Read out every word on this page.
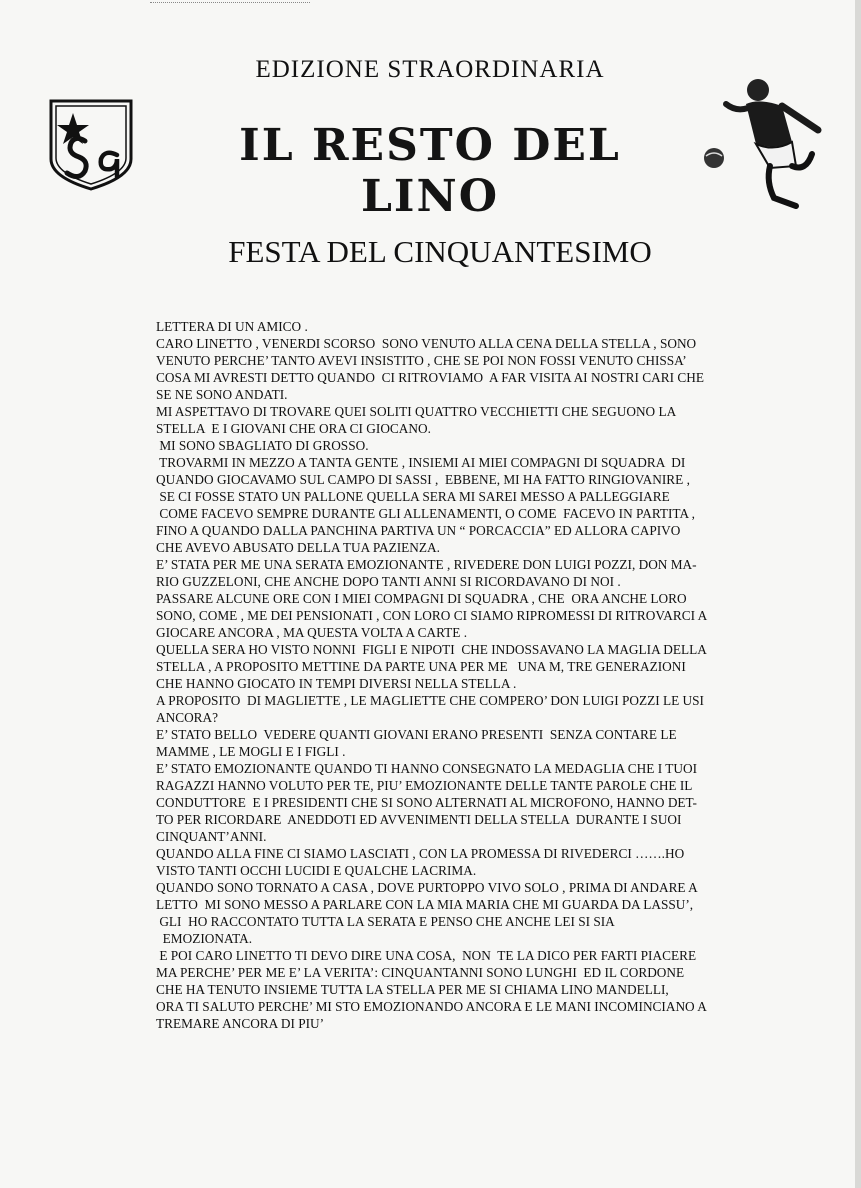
EDIZIONE STRAORDINARIA
IL RESTO DEL LINO
FESTA DEL CINQUANTESIMO
LETTERA DI UN AMICO .
CARO LINETTO , VENERDI SCORSO  SONO VENUTO ALLA CENA DELLA STELLA , SONO
VENUTO PERCHE’ TANTO AVEVI INSISTITO , CHE SE POI NON FOSSI VENUTO CHISSA’
COSA MI AVRESTI DETTO QUANDO  CI RITROVIAMO  A FAR VISITA AI NOSTRI CARI CHE
SE NE SONO ANDATI.
MI ASPETTAVO DI TROVARE QUEI SOLITI QUATTRO VECCHIETTI CHE SEGUONO LA
STELLA  E I GIOVANI CHE ORA CI GIOCANO.
MI SONO SBAGLIATO DI GROSSO.
TROVARMI IN MEZZO A TANTA GENTE , INSIEMI AI MIEI COMPAGNI DI SQUADRA  DI
QUANDO GIOCAVAMO SUL CAMPO DI SASSI ,  EBBENE, MI HA FATTO RINGIOVANIRE ,
SE CI FOSSE STATO UN PALLONE QUELLA SERA MI SAREI MESSO A PALLEGGIARE
COME FACEVO SEMPRE DURANTE GLI ALLENAMENTI, O COME  FACEVO IN PARTITA ,
FINO A QUANDO DALLA PANCHINA PARTIVA UN “ PORCACCIA” ED ALLORA CAPIVO
CHE AVEVO ABUSATO DELLA TUA PAZIENZA.
E’ STATA PER ME UNA SERATA EMOZIONANTE , RIVEDERE DON LUIGI POZZI, DON MA-
RIO GUZZELONI, CHE ANCHE DOPO TANTI ANNI SI RICORDAVANO DI NOI .
PASSARE ALCUNE ORE CON I MIEI COMPAGNI DI SQUADRA , CHE  ORA ANCHE LORO
SONO, COME , ME DEI PENSIONATI , CON LORO CI SIAMO RIPROMESSI DI RITROVARCI A
GIOCARE ANCORA , MA QUESTA VOLTA A CARTE .
QUELLA SERA HO VISTO NONNI  FIGLI E NIPOTI  CHE INDOSSAVANO LA MAGLIA DELLA
STELLA , A PROPOSITO METTINE DA PARTE UNA PER ME   UNA M, TRE GENERAZIONI
CHE HANNO GIOCATO IN TEMPI DIVERSI NELLA STELLA .
A PROPOSITO  DI MAGLIETTE , LE MAGLIETTE CHE COMPERO’ DON LUIGI POZZI LE USI
ANCORA?
E’ STATO BELLO  VEDERE QUANTI GIOVANI ERANO PRESENTI  SENZA CONTARE LE
MAMME , LE MOGLI E I FIGLI .
E’ STATO EMOZIONANTE QUANDO TI HANNO CONSEGNATO LA MEDAGLIA CHE I TUOI
RAGAZZI HANNO VOLUTO PER TE, PIU’ EMOZIONANTE DELLE TANTE PAROLE CHE IL
CONDUTTORE  E I PRESIDENTI CHE SI SONO ALTERNATI AL MICROFONO, HANNO DET-
TO PER RICORDARE  ANEDDOTI ED AVVENIMENTI DELLA STELLA  DURANTE I SUOI
CINQUANT’ANNI.
QUANDO ALLA FINE CI SIAMO LASCIATI , CON LA PROMESSA DI RIVEDERCI …….HO
VISTO TANTI OCCHI LUCIDI E QUALCHE LACRIMA.
QUANDO SONO TORNATO A CASA , DOVE PURTOPPO VIVO SOLO , PRIMA DI ANDARE A
LETTO  MI SONO MESSO A PARLARE CON LA MIA MARIA CHE MI GUARDA DA LASSU’,
GLI  HO RACCONTATO TUTTA LA SERATA E PENSO CHE ANCHE LEI SI SIA
EMOZIONATA.
E POI CARO LINETTO TI DEVO DIRE UNA COSA,  NON  TE LA DICO PER FARTI PIACERE
MA PERCHE’ PER ME E’ LA VERITA’: CINQUANTANNI SONO LUNGHI  ED IL CORDONE
CHE HA TENUTO INSIEME TUTTA LA STELLA PER ME SI CHIAMA LINO MANDELLI,
ORA TI SALUTO PERCHE’ MI STO EMOZIONANDO ANCORA E LE MANI INCOMINCIANO A
TREMARE ANCORA DI PIU’
